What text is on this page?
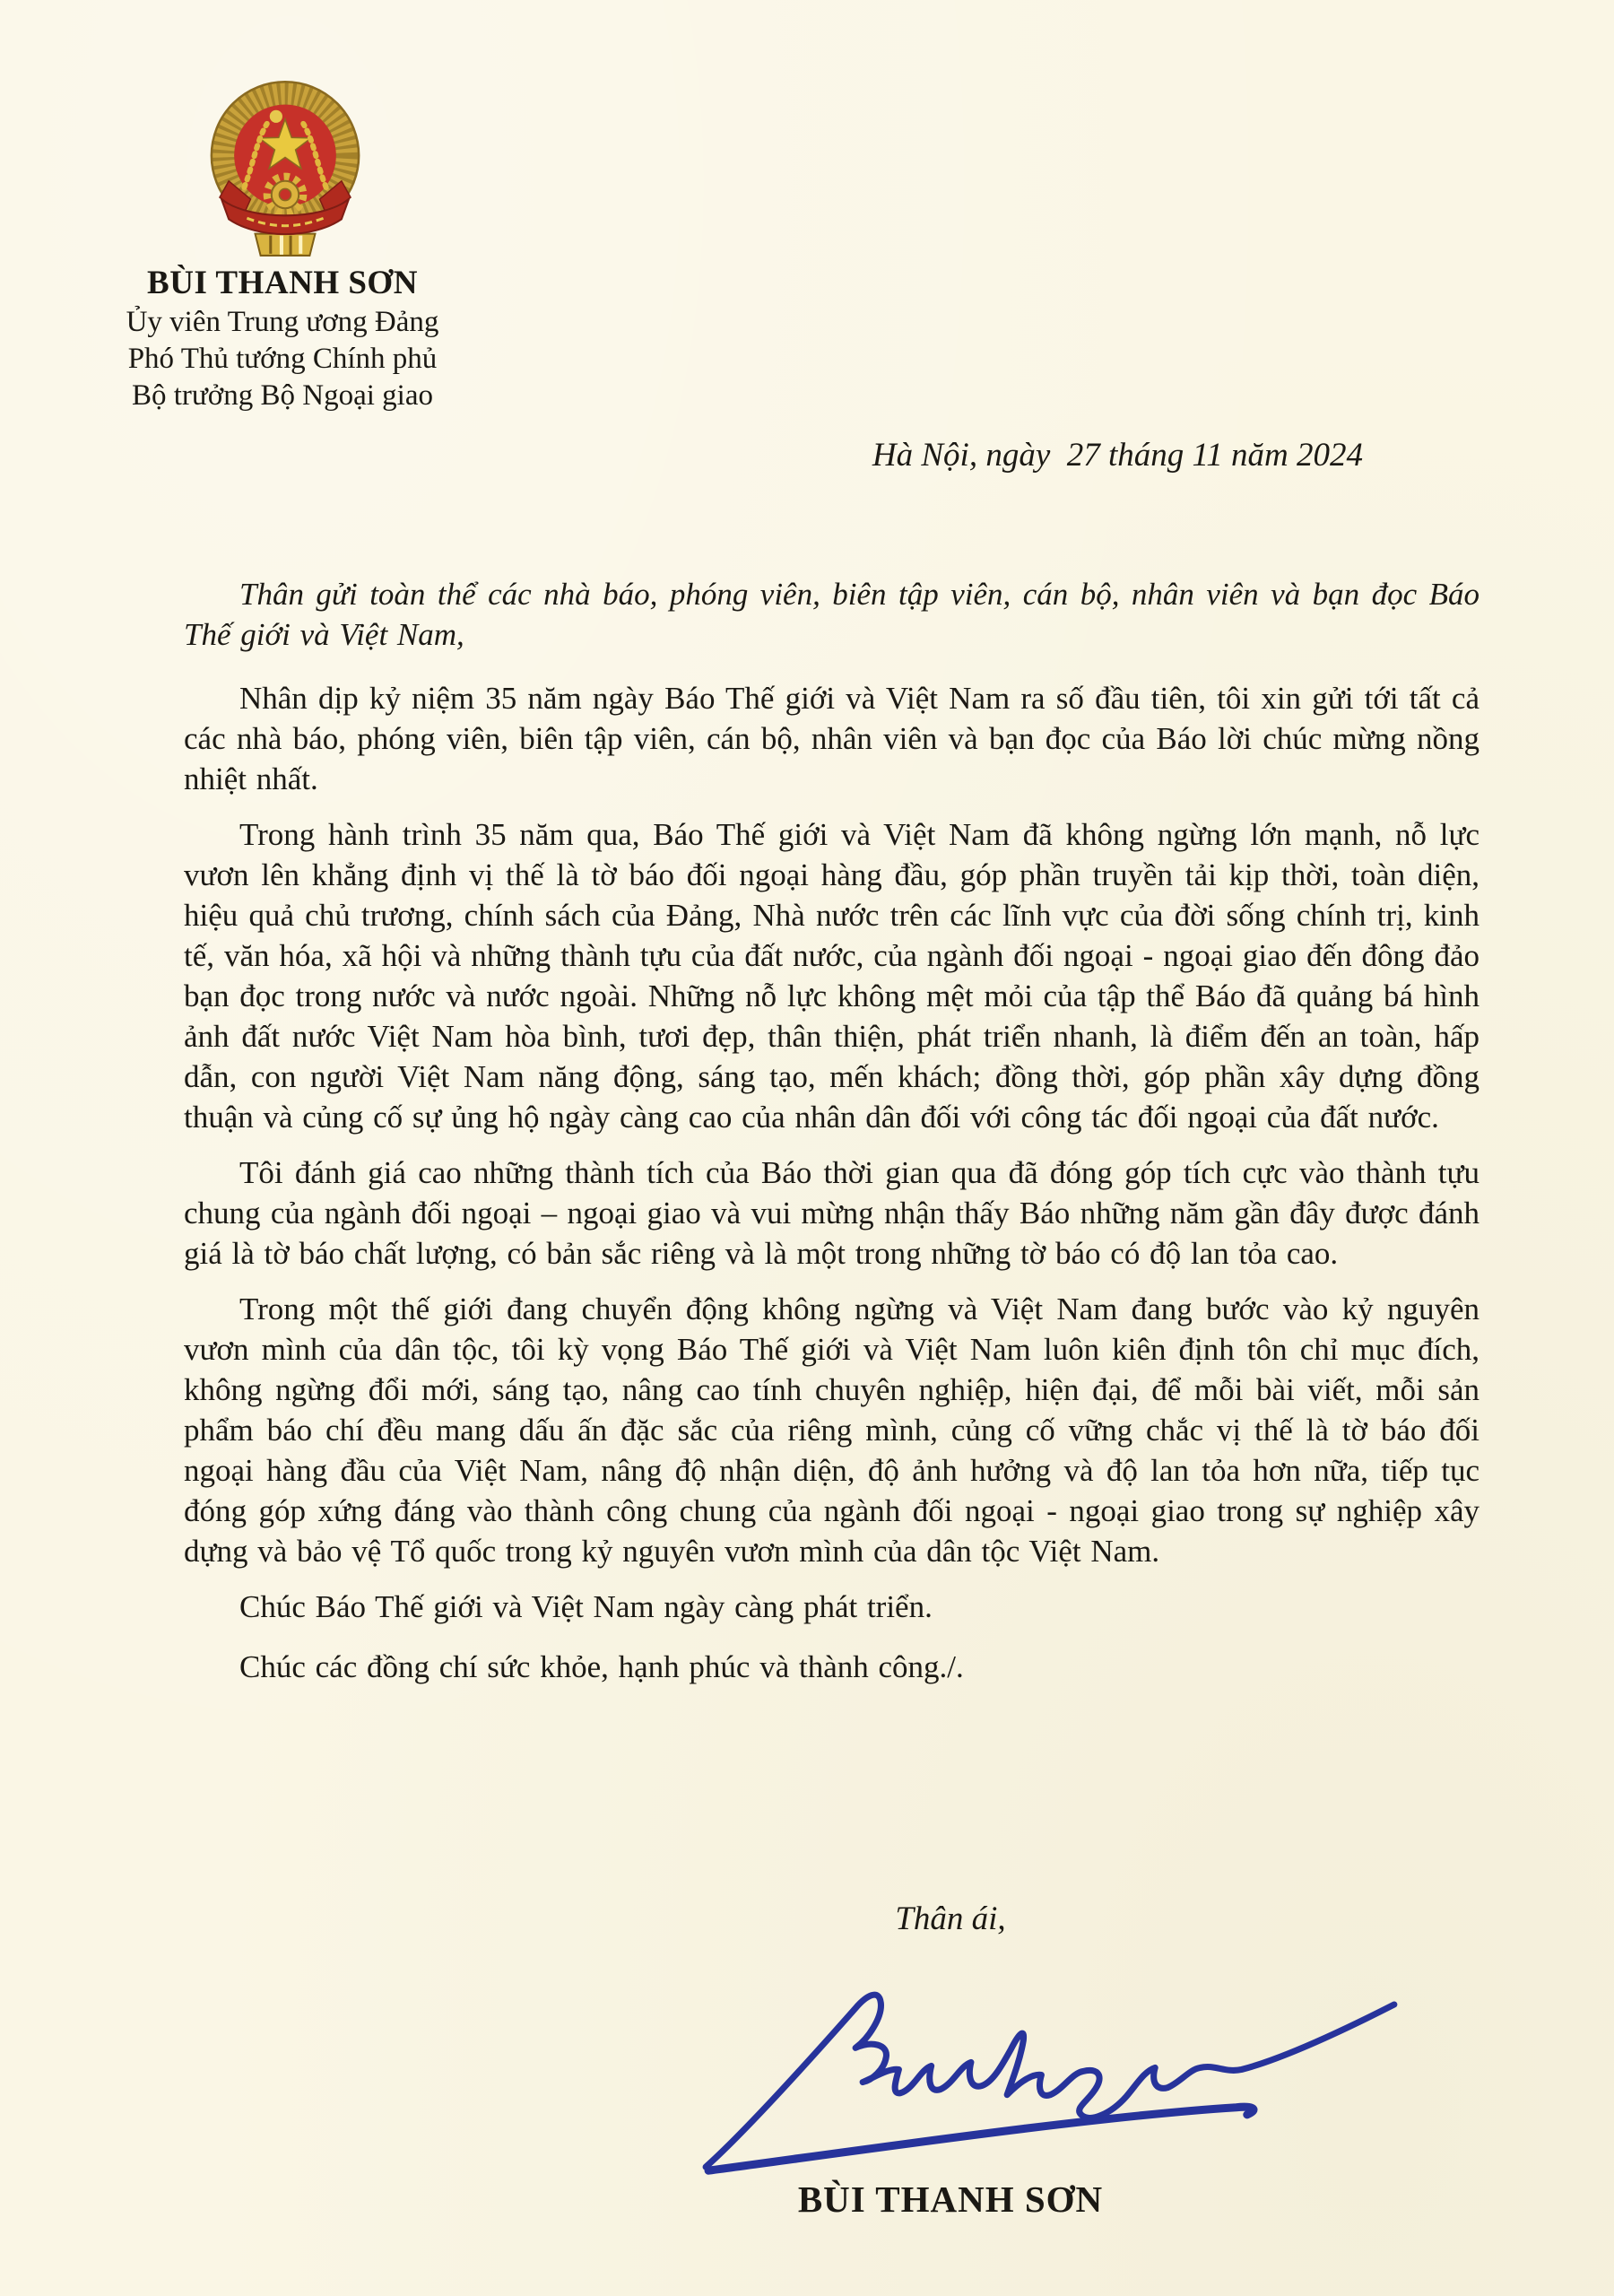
BÙI THANH SƠN
Ủy viên Trung ương Đảng
Phó Thủ tướng Chính phủ
Bộ trưởng Bộ Ngoại giao
Hà Nội, ngày  27 tháng 11 năm 2024

Thân gửi toàn thể các nhà báo, phóng viên, biên tập viên, cán bộ, nhân viên và bạn đọc Báo Thế giới và Việt Nam,

Nhân dịp kỷ niệm 35 năm ngày Báo Thế giới và Việt Nam ra số đầu tiên, tôi xin gửi tới tất cả các nhà báo, phóng viên, biên tập viên, cán bộ, nhân viên và bạn đọc của Báo lời chúc mừng nồng nhiệt nhất.

Trong hành trình 35 năm qua, Báo Thế giới và Việt Nam đã không ngừng lớn mạnh, nỗ lực vươn lên khẳng định vị thế là tờ báo đối ngoại hàng đầu, góp phần truyền tải kịp thời, toàn diện, hiệu quả chủ trương, chính sách của Đảng, Nhà nước trên các lĩnh vực của đời sống chính trị, kinh tế, văn hóa, xã hội và những thành tựu của đất nước, của ngành đối ngoại - ngoại giao đến đông đảo bạn đọc trong nước và nước ngoài. Những nỗ lực không mệt mỏi của tập thể Báo đã quảng bá hình ảnh đất nước Việt Nam hòa bình, tươi đẹp, thân thiện, phát triển nhanh, là điểm đến an toàn, hấp dẫn, con người Việt Nam năng động, sáng tạo, mến khách; đồng thời, góp phần xây dựng đồng thuận và củng cố sự ủng hộ ngày càng cao của nhân dân đối với công tác đối ngoại của đất nước.

Tôi đánh giá cao những thành tích của Báo thời gian qua đã đóng góp tích cực vào thành tựu chung của ngành đối ngoại – ngoại giao và vui mừng nhận thấy Báo những năm gần đây được đánh giá là tờ báo chất lượng, có bản sắc riêng và là một trong những tờ báo có độ lan tỏa cao.

Trong một thế giới đang chuyển động không ngừng và Việt Nam đang bước vào kỷ nguyên vươn mình của dân tộc, tôi kỳ vọng Báo Thế giới và Việt Nam luôn kiên định tôn chỉ mục đích, không ngừng đổi mới, sáng tạo, nâng cao tính chuyên nghiệp, hiện đại, để mỗi bài viết, mỗi sản phẩm báo chí đều mang dấu ấn đặc sắc của riêng mình, củng cố vững chắc vị thế là tờ báo đối ngoại hàng đầu của Việt Nam, nâng độ nhận diện, độ ảnh hưởng và độ lan tỏa hơn nữa, tiếp tục đóng góp xứng đáng vào thành công chung của ngành đối ngoại - ngoại giao trong sự nghiệp xây dựng và bảo vệ Tổ quốc trong kỷ nguyên vươn mình của dân tộc Việt Nam.

Chúc Báo Thế giới và Việt Nam ngày càng phát triển.

Chúc các đồng chí sức khỏe, hạnh phúc và thành công./.

Thân ái,
BÙI THANH SƠN
